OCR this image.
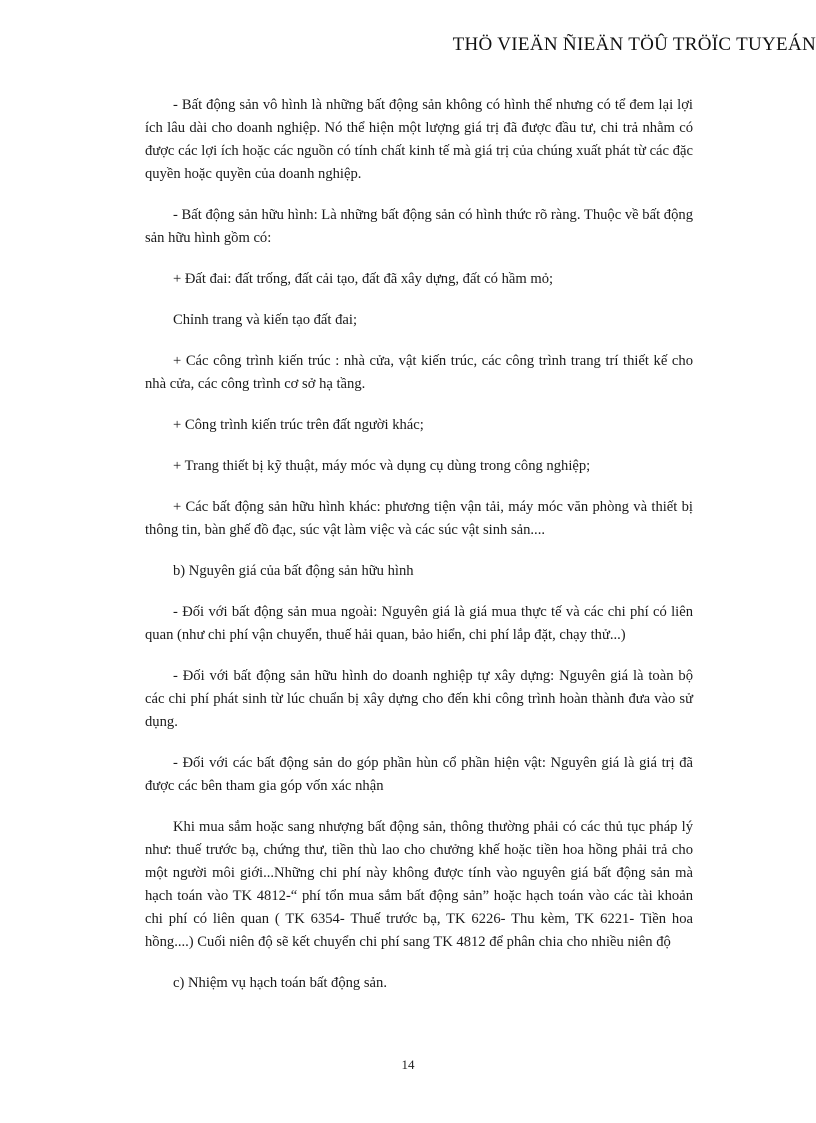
THÖ VIEÄN ÑIEÄN TÖÛ TRÖÏC TUYEÁN

- Bất động sản vô hình là những bất động sản không có hình thể nhưng có tể đem lại lợi ích lâu dài cho doanh nghiệp. Nó thể hiện một lượng giá trị đã được đầu tư, chi trả nhằm có được các lợi ích hoặc các nguồn có tính chất kinh tế mà giá trị của chúng xuất phát từ các đặc quyền hoặc quyền của doanh nghiệp.

- Bất động sản hữu hình: Là những bất động sản có hình thức rõ ràng. Thuộc về bất động sản hữu hình gồm có:

+ Đất đai: đất trống, đất cải tạo, đất đã xây dựng, đất có hầm mỏ;

Chỉnh trang và kiến tạo đất đai;

+ Các công trình kiến trúc : nhà cửa, vật kiến trúc, các công trình trang trí thiết kế cho nhà cửa, các công trình cơ sở hạ tầng.

+ Công trình kiến trúc trên đất người khác;

+ Trang thiết bị kỹ thuật, máy móc và dụng cụ dùng trong công nghiệp;

+ Các bất động sản hữu hình khác: phương tiện vận tải, máy móc văn phòng và thiết bị thông tin, bàn ghế đồ đạc, súc vật làm việc và các súc vật sinh sản....

b) Nguyên giá của bất động sản hữu hình

- Đối với bất động sản mua ngoài: Nguyên giá là giá mua thực tế và các chi phí có liên quan (như chi phí vận chuyển, thuế hải quan, bảo hiển, chi phí lắp đặt, chạy thử...)

- Đối với bất động sản hữu hình do doanh nghiệp tự xây dựng: Nguyên giá là toàn bộ các chi phí phát sinh từ lúc chuẩn bị xây dựng cho đến khi công trình hoàn thành đưa vào sử dụng.

- Đối với các bất động sản do góp phần hùn cổ phần hiện vật: Nguyên giá là giá trị đã được các bên tham gia góp vốn xác nhận

Khi mua sắm hoặc sang nhượng bất động sản, thông thường phải có các thủ tục pháp lý như: thuế trước bạ, chứng thư, tiền thù lao cho chưởng khế hoặc tiền hoa hồng phải trả cho một người môi giới...Những chi phí này không được tính vào nguyên giá bất động sản mà hạch toán vào TK 4812-“ phí tổn mua sắm bất động sản” hoặc hạch toán vào các tài khoản chi phí có liên quan ( TK 6354- Thuế trước bạ, TK 6226- Thu kèm, TK 6221- Tiền hoa hồng....) Cuối niên độ sẽ kết chuyển chi phí sang TK 4812 để phân chia cho nhiều niên độ

c) Nhiệm vụ hạch toán bất động sản.

14
